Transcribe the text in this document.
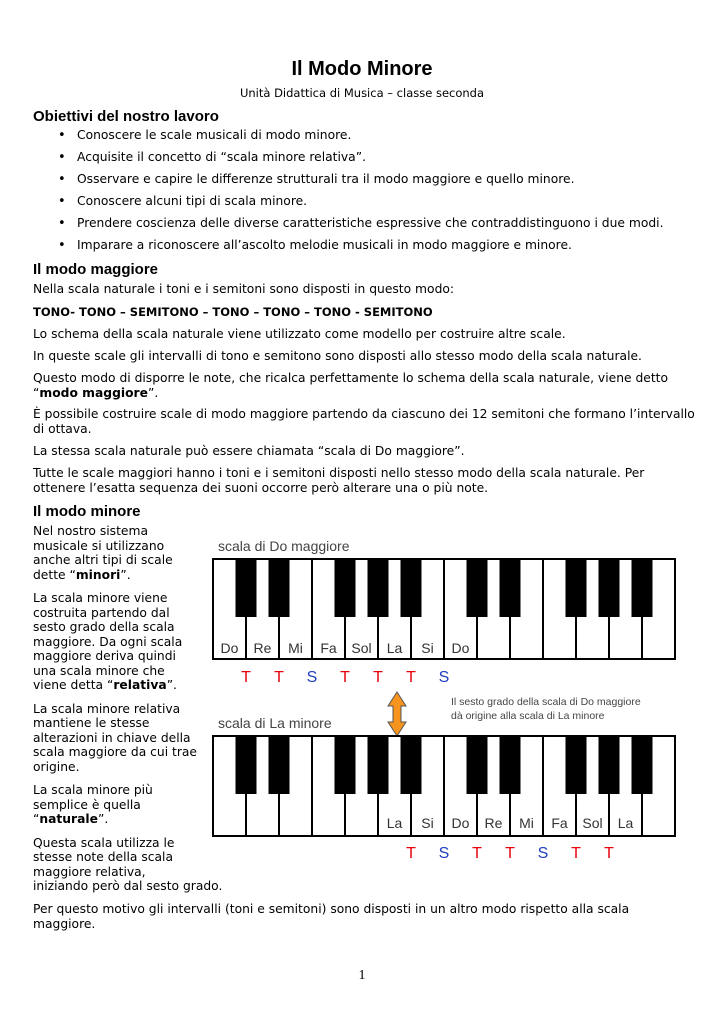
Il Modo Minore
Unità Didattica di Musica – classe seconda
Obiettivi del nostro lavoro
• Conoscere le scale musicali di modo minore.
• Acquisite il concetto di “scala minore relativa”.
• Osservare e capire le differenze strutturali tra il modo maggiore e quello minore.
• Conoscere alcuni tipi di scala minore.
• Prendere coscienza delle diverse caratteristiche espressive che contraddistinguono i due modi.
• Imparare a riconoscere all’ascolto melodie musicali in modo maggiore e minore.
Il modo maggiore
Nella scala naturale i toni e i semitoni sono disposti in questo modo:
TONO- TONO – SEMITONO – TONO – TONO – TONO - SEMITONO
Lo schema della scala naturale viene utilizzato come modello per costruire altre scale.
In queste scale gli intervalli di tono e semitono sono disposti allo stesso modo della scala naturale.
Questo modo di disporre le note, che ricalca perfettamente lo schema della scala naturale, viene detto
“modo maggiore”.
È possibile costruire scale di modo maggiore partendo da ciascuno dei 12 semitoni che formano l’intervallo
di ottava.
La stessa scala naturale può essere chiamata “scala di Do maggiore”.
Tutte le scale maggiori hanno i toni e i semitoni disposti nello stesso modo della scala naturale. Per
ottenere l’esatta sequenza dei suoni occorre però alterare una o più note.
Il modo minore

Nel nostro sistema
musicale si utilizzano
anche altri tipi di scale
dette “minori”.

La scala minore viene
costruita partendo dal
sesto grado della scala
maggiore. Da ogni scala
maggiore deriva quindi
una scala minore che
viene detta “relativa”.

La scala minore relativa
mantiene le stesse
alterazioni in chiave della
scala maggiore da cui trae
origine.

La scala minore più
semplice è quella
“naturale”.

Questa scala utilizza le
stesse note della scala
maggiore relativa,
iniziando però dal sesto grado.

Per questo motivo gli intervalli (toni e semitoni) sono disposti in un altro modo rispetto alla scala
maggiore.
scala di Do maggiore
Do Re Mi Fa Sol La Si Do
T T S T T T S
Il sesto grado della scala di Do maggiore
dà origine alla scala di La minore
scala di La minore
La Si Do Re Mi Fa Sol La
T S T T S T T
1
